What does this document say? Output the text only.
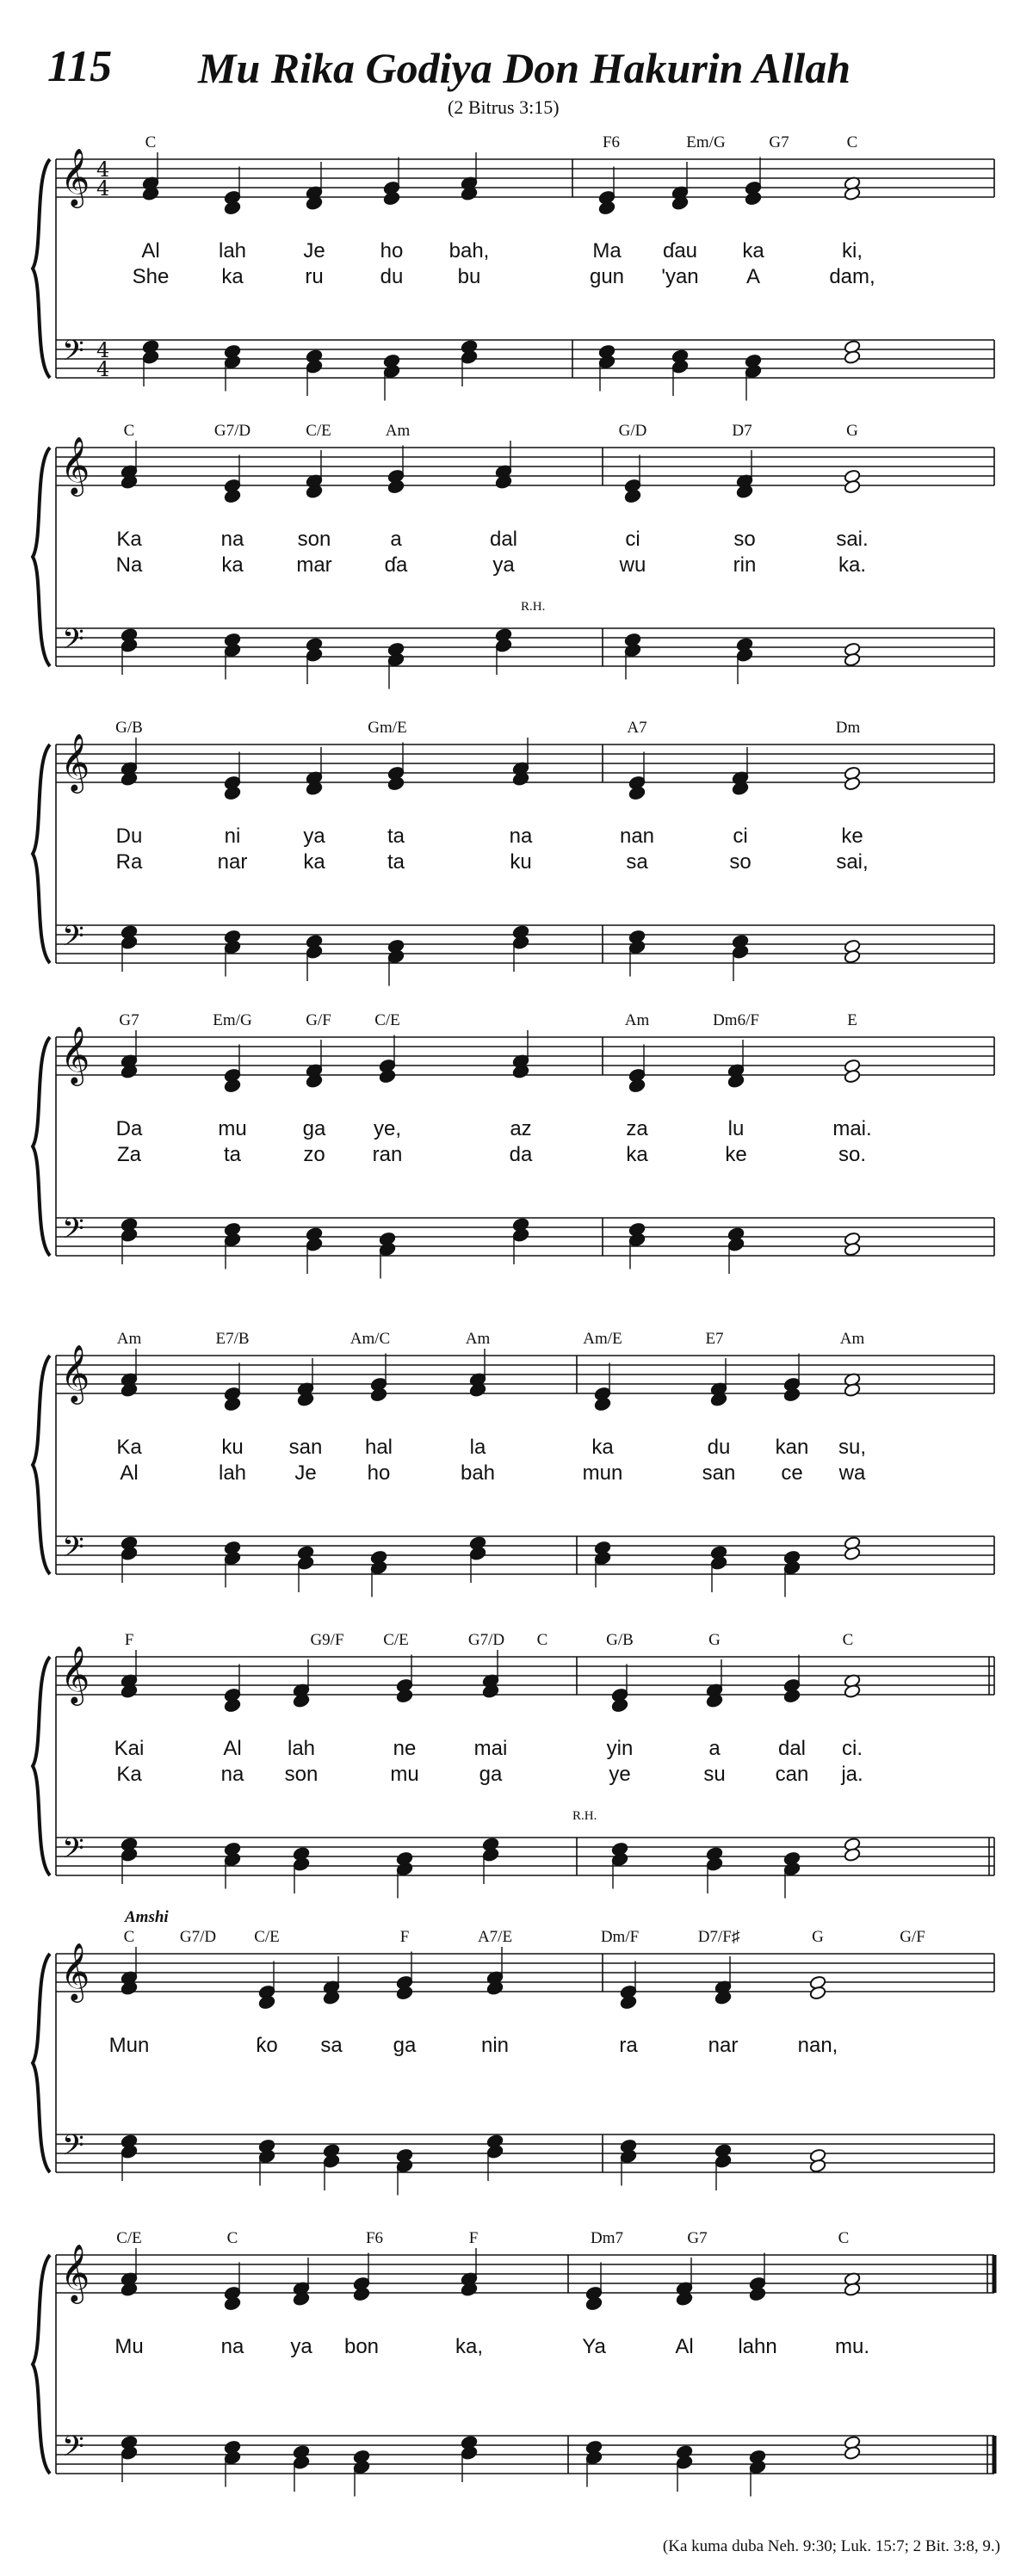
115 Mu Rika Godiya Don Hakurin Allah
(2 Bitrus 3:15)
𝄞
𝄢
4
4
4
4
C	F6	Em/G	G7	C
Al	lah	Je	ho bah,	Ma ɗau ka	ki,
She	ka	ru	du	bu	gun 'yan A	dam,
𝄞
𝄢
C	G7/D	C/E	Am	G/D	D7	G
Ka	na	son	a	dal	ci	so	sai.
Na	ka	mar	ɗa	ya	wu	rin	ka.
R.H.
𝄞
𝄢
G/B	Gm/E	A7	Dm
Du	ni	ya	ta	na	nan	ci	ke
Ra	nar	ka	ta	ku	sa	so	sai,
𝄞
𝄢
G7	Em/G	G/F	C/E	Am	Dm6/F	E
Da	mu	ga ye,	az	za	lu	mai.
Za	ta	zo ran	da	ka	ke	so.
𝄞
𝄢
Am	E7/B	Am/C	Am	Am/E	E7	Am
Ka	ku san hal	la	ka	du kan su,
Al	lah Je ho	bah	mun	san ce wa
𝄞
𝄢
F	G9/F C/E	G7/D C	G/B	G	C
Kai	Al lah	ne	mai	yin	a	dal ci.
Ka	na son	mu	ga	ye	su can ja.
R.H.
𝄞
𝄢
C	G7/D C/E	F	A7/E	Dm/F	D7/F♯	G	G/F
Mun	ƙo sa ga	nin	ra	nar	nan,
Amshi
𝄞
𝄢
C/E	C	F6	F	Dm7	G7	C
Mu	na ya bon	ka,	Ya	Al lahn	mu.
(Ka kuma duba Neh. 9:30; Luk. 15:7; 2 Bit. 3:8, 9.)
